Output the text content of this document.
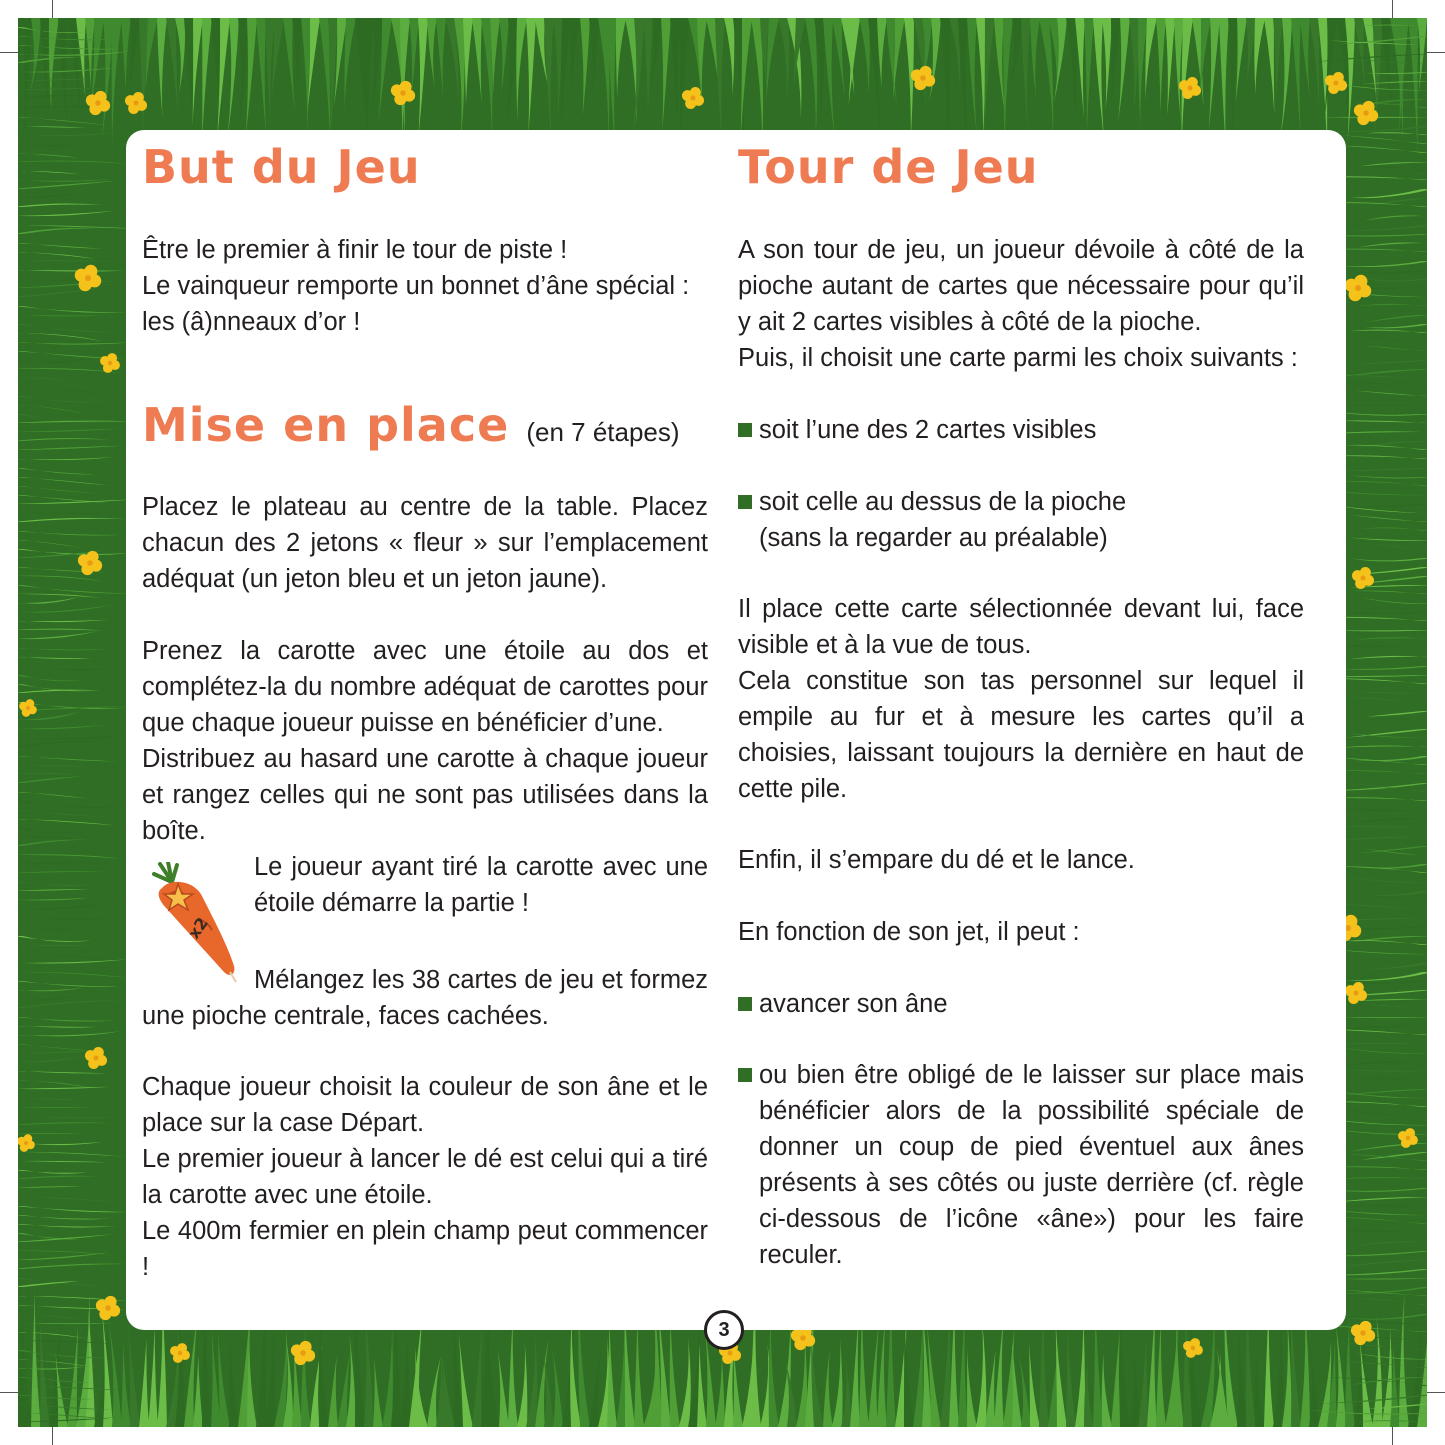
But du Jeu

Être le premier à finir le tour de piste !

Le vainqueur remporte un bonnet d’âne spécial :

les (â)nneaux d’or !

Mise en place (en 7 étapes)

Placez le plateau au centre de la table. Placez chacun des 2 jetons « fleur » sur l’emplacement adéquat (un jeton bleu et un jeton jaune).

Prenez la carotte avec une étoile au dos et complétez-la du nombre adéquat de carottes pour que chaque joueur puisse en bénéficier d’une.

Distribuez au hasard une carotte à chaque joueur et rangez celles qui ne sont pas utilisées dans la boîte.

Le joueur ayant tiré la carotte avec une étoile démarre la partie !

Mélangez les 38 cartes de jeu et formez une pioche centrale, faces cachées.

Chaque joueur choisit la couleur de son âne et le place sur la case Départ.

Le premier joueur à lancer le dé est celui qui a tiré la carotte avec une étoile.

Le 400m fermier en plein champ peut commencer !

x2
Tour de Jeu

A son tour de jeu, un joueur dévoile à côté de la pioche autant de cartes que nécessaire pour qu’il y ait 2 cartes visibles à côté de la pioche.

Puis, il choisit une carte parmi les choix suivants :

soit l’une des 2 cartes visibles
soit celle au dessus de la pioche
(sans la regarder au préalable)

Il place cette carte sélectionnée devant lui, face visible et à la vue de tous.

Cela constitue son tas personnel sur lequel il empile au fur et à mesure les cartes qu’il a choisies, laissant toujours la dernière en haut de cette pile.

Enfin, il s’empare du dé et le lance.

En fonction de son jet, il peut :

avancer son âne
ou bien être obligé de le laisser sur place mais bénéficier alors de la possibilité spéciale de donner un coup de pied éventuel aux ânes présents à ses côtés ou juste derrière (cf. règle ci-dessous de l’icône «âne») pour les faire reculer.
3
